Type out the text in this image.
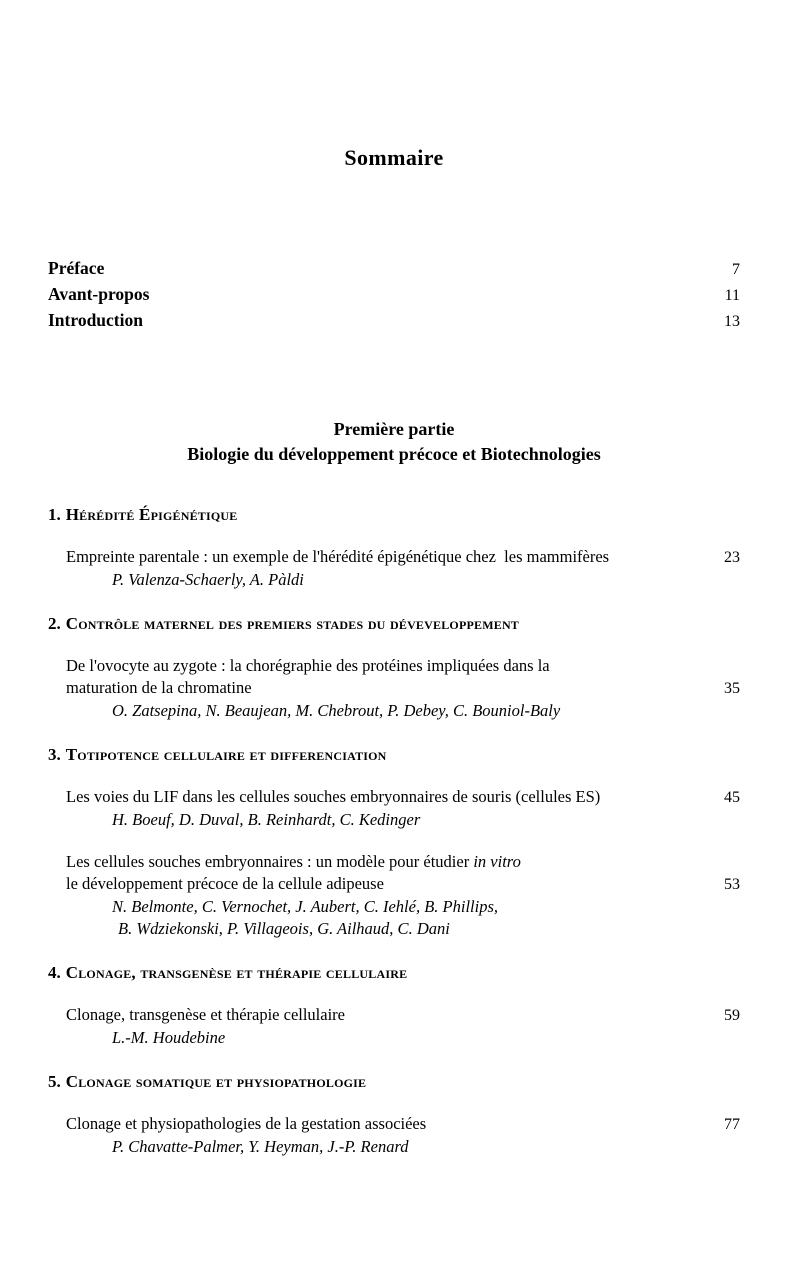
Sommaire
Préface	7
Avant-propos	11
Introduction	13
Première partie
Biologie du développement précoce et Biotechnologies
1. Hérédité Épigénétique
Empreinte parentale : un exemple de l'hérédité épigénétique chez  les mammifères	23
P. Valenza-Schaerly, A. Pàldi
2. Contrôle maternel des premiers stades du déveveloppement
De l'ovocyte au zygote : la chorégraphie des protéines impliquées dans la
maturation de la chromatine	35
O. Zatsepina, N. Beaujean, M. Chebrout, P. Debey, C. Bouniol-Baly
3. Totipotence cellulaire et differenciation
Les voies du LIF dans les cellules souches embryonnaires de souris (cellules ES)	45
H. Boeuf, D. Duval, B. Reinhardt, C. Kedinger
Les cellules souches embryonnaires : un modèle pour étudier in vitro
le développement précoce de la cellule adipeuse	53
N. Belmonte, C. Vernochet, J. Aubert, C. Iehlé, B. Phillips,
B. Wdziekonski, P. Villageois, G. Ailhaud, C. Dani
4. Clonage, transgenèse et thérapie cellulaire
Clonage, transgenèse et thérapie cellulaire	59
L.-M. Houdebine
5. Clonage somatique et physiopathologie
Clonage et physiopathologies de la gestation associées	77
P. Chavatte-Palmer, Y. Heyman, J.-P. Renard
